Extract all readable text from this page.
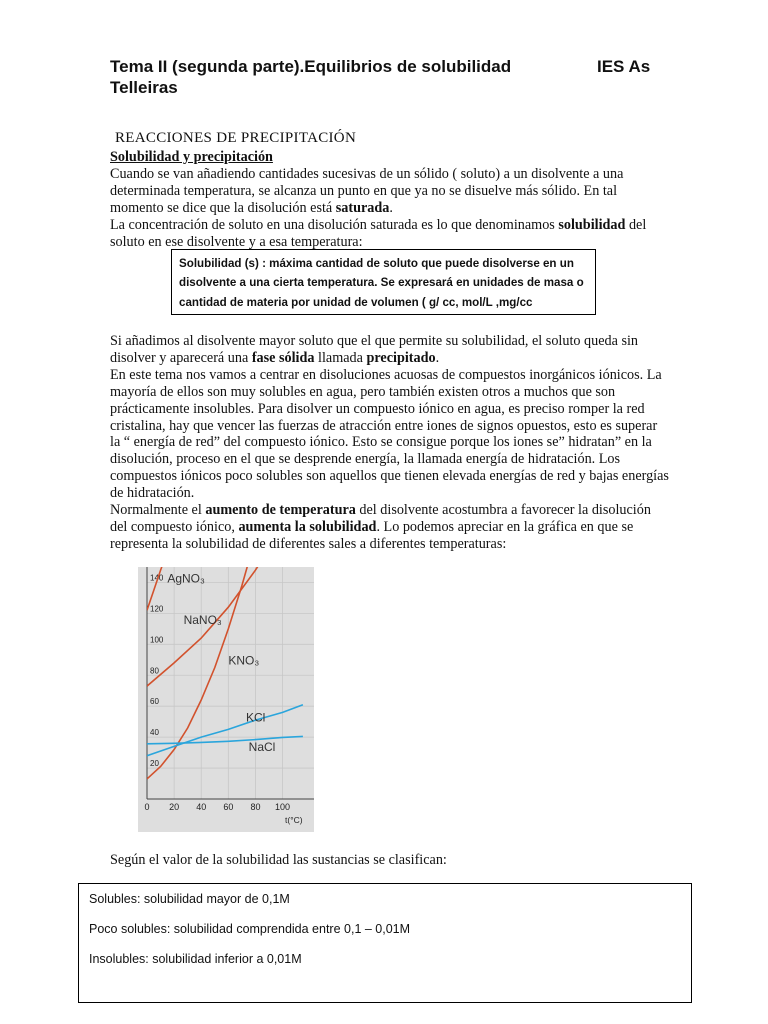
Tema II (segunda parte).Equilibrios de solubilidad
Telleiras
IES As
REACCIONES DE PRECIPITACIÓN
Solubilidad y precipitación
Cuando se van añadiendo cantidades sucesivas de un sólido ( soluto) a un disolvente a una determinada temperatura, se alcanza un punto en que ya no se disuelve más sólido. En tal momento se dice que la disolución está saturada.
La concentración de soluto en una disolución saturada es lo que denominamos solubilidad del soluto en ese disolvente y a esa temperatura:
Solubilidad (s) : máxima cantidad de soluto que puede disolverse en un disolvente a una cierta temperatura. Se expresará en unidades de masa o cantidad de materia por unidad de volumen ( g/ cc, mol/L ,mg/cc
Si añadimos al disolvente mayor soluto que el que permite su solubilidad, el soluto queda sin disolver y aparecerá una fase sólida llamada precipitado.
En este tema nos vamos a centrar en disoluciones acuosas de compuestos inorgánicos iónicos. La mayoría de ellos son muy solubles en agua, pero también existen otros a muchos que son prácticamente insolubles. Para disolver un compuesto iónico en agua, es preciso romper la red cristalina, hay que vencer las fuerzas de atracción entre iones de signos opuestos, esto es superar la “ energía de red” del compuesto iónico. Esto se consigue porque los iones se” hidratan” en la disolución, proceso en el que se desprende energía, la llamada energía de hidratación. Los compuestos iónicos poco solubles son aquellos que tienen elevada energías de red y bajas energías de hidratación.
Normalmente el aumento de temperatura del disolvente acostumbra a favorecer la disolución del compuesto iónico, aumenta la solubilidad. Lo podemos apreciar en la gráfica en que se representa la solubilidad de diferentes sales a diferentes temperaturas:
0 20 40 60 80 100
20
40
60
80
100
120
140
t(°C)
AgNO₃
NaNO₃
KNO₃
KCl
NaCl
Según el valor de la solubilidad las sustancias se clasifican:
Solubles: solubilidad mayor de 0,1M
Poco solubles: solubilidad comprendida entre 0,1 – 0,01M
Insolubles: solubilidad inferior a 0,01M
